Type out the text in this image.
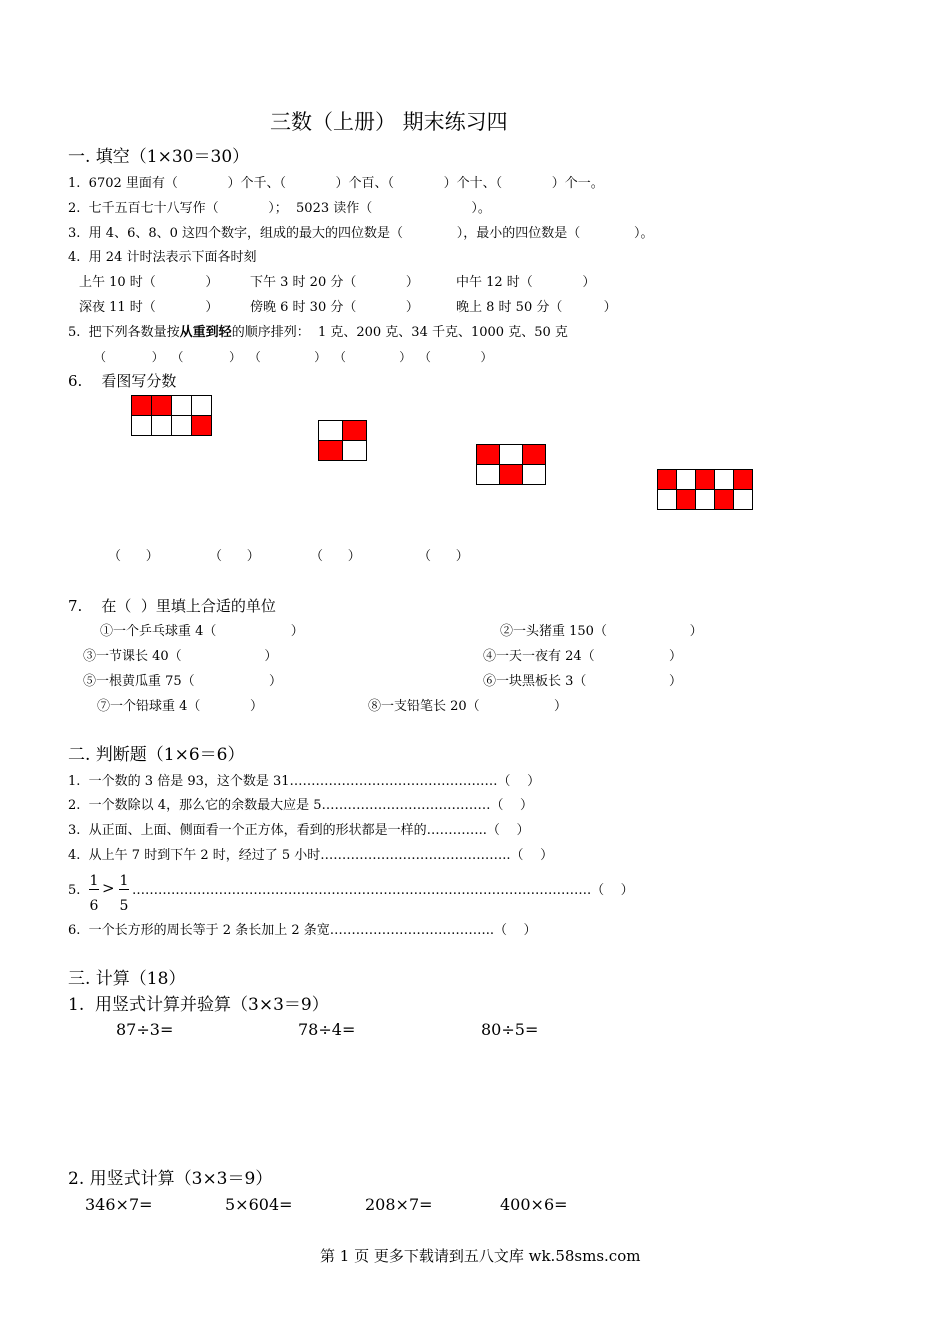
三数（上册） 期末练习四
一. 填空（1×30＝30）
1.  6702 里面有（            ）个千、（            ）个百、（            ）个十、（            ）个一。
2.  七千五百七十八写作（            ）；  5023 读作（                        ）。
3.  用 4、6、8、0 这四个数字，组成的最大的四位数是（             ），最小的四位数是（             ）。
4.  用 24 计时法表示下面各时刻
上午 10 时（            ） 下午 3 时 20 分（            ）	中午 12 时（            ）
深夜 11 时（            ） 傍晚 6 时 30 分（            ）	晚上 8 时 50 分（          ）
5.  把下列各数量按从重到轻的顺序排列：  1 克、200 克、34 千克、1000 克、50 克
（            ）  （            ）  （              ）  （              ）  （             ）
6.    看图写分数

（      ）	（      ）	（      ）	（      ）
7.    在（  ）里填上合适的单位
①一个乒乓球重 4（                  ）	②一头猪重 150（                    ）
③一节课长 40（                    ）	④一天一夜有 24（                  ）
⑤一根黄瓜重 75（                  ）	⑥一块黑板长 3（                    ）
⑦一个铅球重 4（            ）	⑧一支铅笔长 20（                  ）
二. 判断题（1×6＝6）
1.  一个数的 3 倍是 93，这个数是 31…………………………………………（    ）
2.  一个数除以 4，那么它的余数最大应是 5…………………………………（    ）
3.  从正面、上面、侧面看一个正方体，看到的形状都是一样的…………..（    ）
4.  从上午 7 时到下午 2 时，经过了 5 小时……………………………………..（    ）
5.
1
6
> 1
5
…………………………………………………………………………………………….（    ）
6.  一个长方形的周长等于 2 条长加上 2 条宽………………………………..（    ）
三. 计算（18）
1.  用竖式计算并验算（3×3＝9）
87÷3=	78÷4=	80÷5=
2. 用竖式计算（3×3＝9）
346×7=	5×604=	208×7=	400×6=
第 1 页 更多下载请到五八文库 wk.58sms.com
